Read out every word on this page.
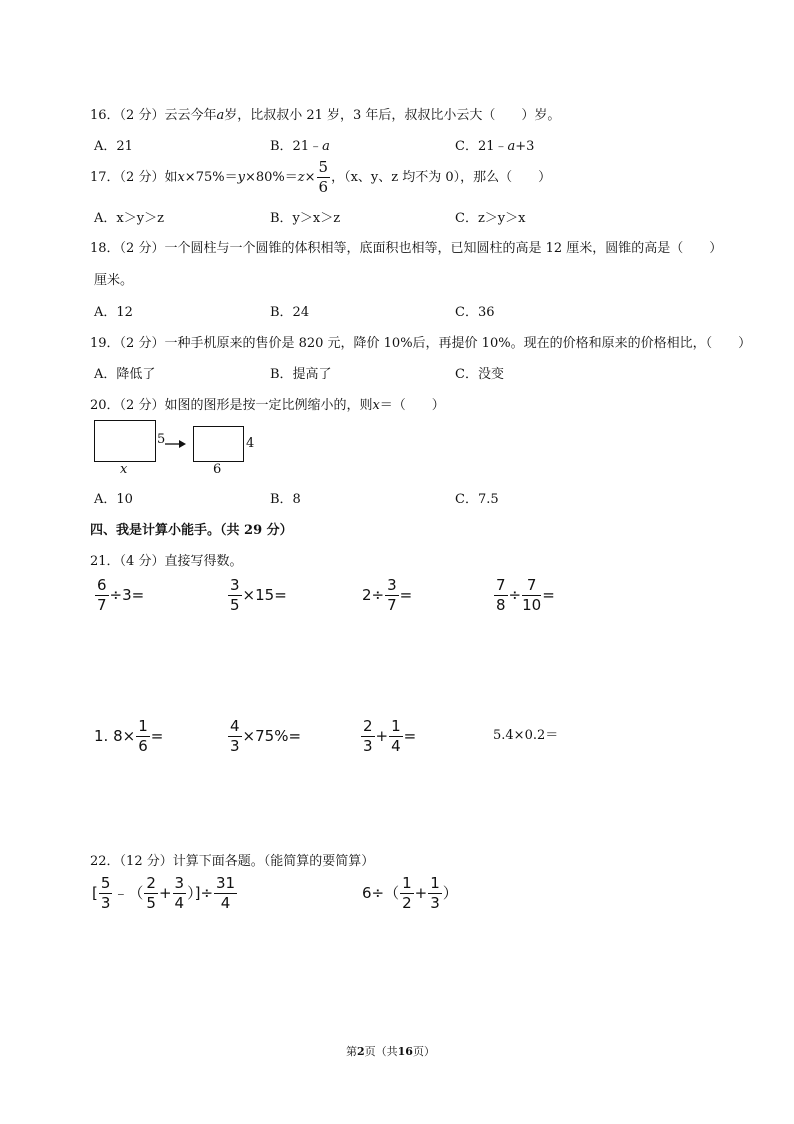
16．（2 分）云云今年a岁，比叔叔小 21 岁，3 年后，叔叔比小云大（　　）岁。
A．21	B．21﹣a	C．21﹣a+3
17．（2 分）如$x\times 75\%=y\times 80\%=z\times \frac{5}{6}$ ，（x、y、z 均不为 0），那么（　　）
A．x＞y＞z	B．y＞x＞z	C．z＞y＞x
18．（2 分）一个圆柱与一个圆锥的体积相等，底面积也相等，已知圆柱的高是 12 厘米，圆锥的高是（　　）
厘米。
A．12	B．24	C．36
19．（2 分）一种手机原来的售价是 820 元，降价 10%后，再提价 10%。现在的价格和原来的价格相比，（　　）
A．降低了	B．提高了	C．没变
20．（2 分）如图的图形是按一定比例缩小的，则x＝（　　）
5
x
4
6
A．10	B．8	C．7.5
四、我是计算小能手。（共 29 分）
21．（4 分）直接写得数。
$\frac{6}{7} \div 3=$	$\frac{3}{5} \times 15=$	$2\div \frac{3}{7}$ =	$\frac{7}{8} \div \frac{7}{10}$ =
1. $8\times \frac{1}{6}$ =	$\frac{4}{3} \times 75\%=$	$\frac{2}{3} + \frac{1}{4}$ =	5.4×0.2＝
22．（12 分）计算下面各题。（能简算的要简算）
[ $\frac{5}{3}$ ﹣（ $\frac{2}{5} + \frac{3}{4}$ ）]÷ $\frac{31}{4}$	$6\div( \frac{1}{2} + \frac{1}{3}$ ）
第2页（共16页）
